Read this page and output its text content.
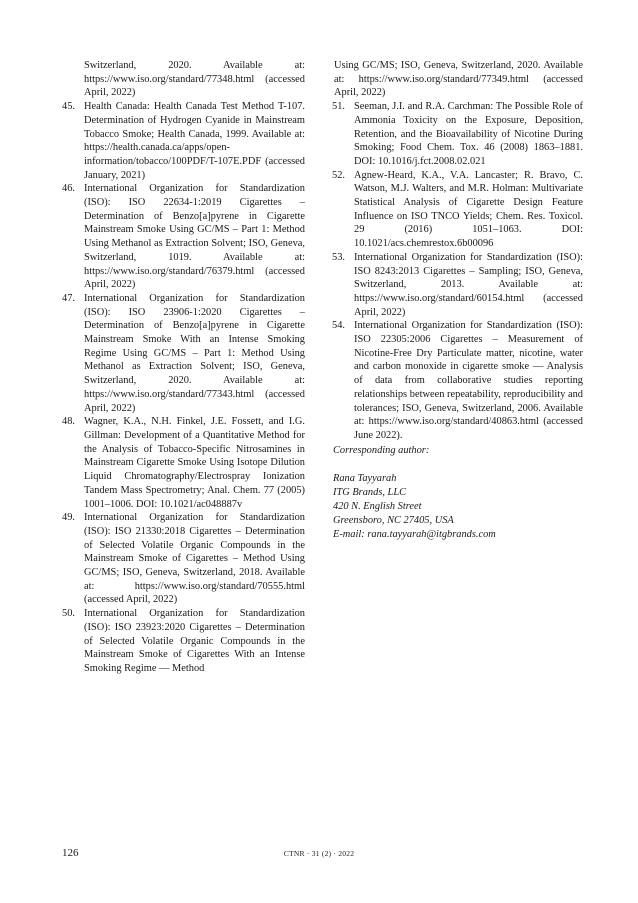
Switzerland, 2020. Available at: https://www.iso.org/standard/77348.html (accessed April, 2022)
45. Health Canada: Health Canada Test Method T-107. Determination of Hydrogen Cyanide in Mainstream Tobacco Smoke; Health Canada, 1999. Available at: https://health.canada.ca/apps/open-information/tobacco/100PDF/T-107E.PDF (accessed January, 2021)
46. International Organization for Standardization (ISO): ISO 22634-1:2019 Cigarettes – Determination of Benzo[a]pyrene in Cigarette Mainstream Smoke Using GC/MS – Part 1: Method Using Methanol as Extraction Solvent; ISO, Geneva, Switzerland, 1019. Available at: https://www.iso.org/standard/76379.html (accessed April, 2022)
47. International Organization for Standardization (ISO): ISO 23906-1:2020 Cigarettes – Determination of Benzo[a]pyrene in Cigarette Mainstream Smoke With an Intense Smoking Regime Using GC/MS – Part 1: Method Using Methanol as Extraction Solvent; ISO, Geneva, Switzerland, 2020. Available at: https://www.iso.org/standard/77343.html (accessed April, 2022)
48. Wagner, K.A., N.H. Finkel, J.E. Fossett, and I.G. Gillman: Development of a Quantitative Method for the Analysis of Tobacco-Specific Nitrosamines in Mainstream Cigarette Smoke Using Isotope Dilution Liquid Chromatography/Electrospray Ionization Tandem Mass Spectrometry; Anal. Chem. 77 (2005) 1001–1006. DOI: 10.1021/ac048887v
49. International Organization for Standardization (ISO): ISO 21330:2018 Cigarettes – Determination of Selected Volatile Organic Compounds in the Mainstream Smoke of Cigarettes – Method Using GC/MS; ISO, Geneva, Switzerland, 2018. Available at: https://www.iso.org/standard/70555.html (accessed April, 2022)
50. International Organization for Standardization (ISO): ISO 23923:2020 Cigarettes – Determination of Selected Volatile Organic Compounds in the Mainstream Smoke of Cigarettes With an Intense Smoking Regime — Method
Using GC/MS; ISO, Geneva, Switzerland, 2020. Available at: https://www.iso.org/standard/77349.html (accessed April, 2022)
51. Seeman, J.I. and R.A. Carchman: The Possible Role of Ammonia Toxicity on the Exposure, Deposition, Retention, and the Bioavailability of Nicotine During Smoking; Food Chem. Tox. 46 (2008) 1863–1881. DOI: 10.1016/j.fct.2008.02.021
52. Agnew-Heard, K.A., V.A. Lancaster; R. Bravo, C. Watson, M.J. Walters, and M.R. Holman: Multivariate Statistical Analysis of Cigarette Design Feature Influence on ISO TNCO Yields; Chem. Res. Toxicol. 29 (2016) 1051–1063. DOI: 10.1021/acs.chemrestox.6b00096
53. International Organization for Standardization (ISO): ISO 8243:2013 Cigarettes – Sampling; ISO, Geneva, Switzerland, 2013. Available at: https://www.iso.org/standard/60154.html (accessed April, 2022)
54. International Organization for Standardization (ISO): ISO 22305:2006 Cigarettes – Measurement of Nicotine-Free Dry Particulate matter, nicotine, water and carbon monoxide in cigarette smoke — Analysis of data from collaborative studies reporting relationships between repeatability, reproducibility and tolerances; ISO, Geneva, Switzerland, 2006. Available at: https://www.iso.org/standard/40863.html (accessed June 2022).
Corresponding author:
Rana Tayyarah
ITG Brands, LLC
420 N. English Street
Greensboro, NC 27405, USA
E-mail: rana.tayyarah@itgbrands.com
126	CTNR · 31 (2) · 2022
